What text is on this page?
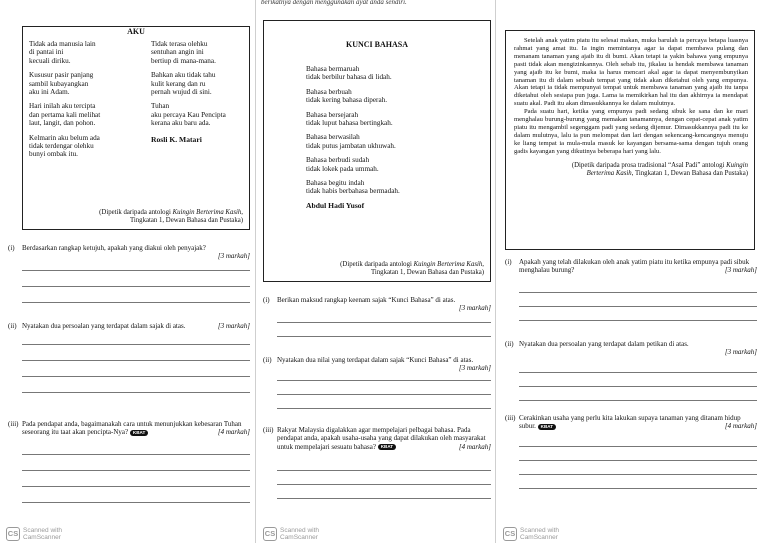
AKU
Tidak ada manusia lain
di pantai ini
kecuali diriku.
Kususur pasir panjang
sambil kubayangkan
aku ini Adam.
Hari inilah aku tercipta
dan pertama kali melihat
laut, langit, dan pohon.
Kelmarin aku belum ada
tidak terdengar olehku
bunyi ombak itu.
Tidak terasa olehku
sentuhan angin ini
bertiup di mana-mana.
Bahkan aku tidak tahu
kulit kerang dan ru
pernah wujud di sini.
Tuhan
aku percaya Kau Pencipta
kerana aku baru ada.
Rosli K. Matari
(Dipetik daripada antologi Kuingin Berterima Kasih,
Tingkatan 1, Dewan Bahasa dan Pustaka)
(i) Berdasarkan rangkap ketujuh, apakah yang diakui oleh penyajak?

[3 markah]
(ii) Nyatakan dua persoalan yang terdapat dalam sajak di atas.	[3 markah]
(iii) Pada pendapat anda, bagaimanakah cara untuk menunjukkan kebesaran Tuhan seseorang itu taat akan pencipta-Nya? KBAT	[4 markah]
CS Scanned with
CamScanner
berikatnya dengan menggunakan ayat anda sendiri.
KUNCI BAHASA
Bahasa bermaruah
tidak berbilur bahasa di lidah.
Bahasa berbuah
tidak kering bahasa diperah.
Bahasa bersejarah
tidak luput bahasa bertingkah.
Bahasa berwasilah
tidak putus jambatan ukhuwah.
Bahasa berbudi sudah
tidak lokek pada ummah.
Bahasa begitu indah
tidak habis berbahasa bermadah.
Abdul Hadi Yusof
(Dipetik daripada antologi Kuingin Berterima Kasih,
Tingkatan 1, Dewan Bahasa dan Pustaka)
(i) Berikan maksud rangkap keenam sajak “Kunci Bahasa” di atas.

[3 markah]
(ii) Nyatakan dua nilai yang terdapat dalam sajak “Kunci Bahasa” di atas.

[3 markah]
(iii) Rakyat Malaysia digalakkan agar mempelajari pelbagai bahasa. Pada pendapat anda, apakah usaha-usaha yang dapat dilakukan oleh masyarakat untuk mempelajari sesuatu bahasa? KBAT	[4 markah]
CS Scanned with
CamScanner

Setelah anak yatim piatu itu selesai makan, muka barulah ia percaya betapa luasnya rahmat yang amat itu. Ia ingin memintanya agar ia dapat membawa pulang dan menanam tanaman yang ajaib itu di bumi. Akan tetapi ia yakin bahawa yang empunya pasti tidak akan mengizinkannya. Oleh sebab itu, jikalau ia hendak membawa tanaman yang ajaib itu ke bumi, maka ia harus mencari akal agar ia dapat menyembunyikan tanaman itu di dalam sebuah tempat yang tidak akan diketahui oleh yang empunya. Akan tetapi ia tidak mempunyai tempat untuk membawa tanaman yang ajaib itu tanpa diketahui oleh sesiapa pun juga. Lama ia memikirkan hal itu dan akhirnya ia mendapat suatu akal. Padi itu akan dimasukkannya ke dalam mulutnya.

Pada suatu hari, ketika yang empunya padi sedang sibuk ke sana dan ke mari menghalau burung-burung yang memakan tanamannya, dengan cepat-cepat anak yatim piatu itu mengambil segenggam padi yang sedang dijemur. Dimasukkannya padi itu ke dalam mulutnya, lalu ia pun melompat dan lari dengan sekencang-kencangnya menuju ke liang tempat ia mula-mula masuk ke kayangan bersama-sama dengan tujuh orang gadis kayangan yang dikutinya beberapa hari yang lalu.

(Dipetik daripada prosa tradisional “Asal Padi” antologi Kuingin Berterima Kasih, Tingkatan 1, Dewan Bahasa dan Pustaka)
(i) Apakah yang telah dilakukan oleh anak yatim piatu itu ketika empunya padi sibuk menghalau burung?	[3 markah]
(ii) Nyatakan dua persoalan yang terdapat dalam petikan di atas.

[3 markah]
(iii) Cerakinkan usaha yang perlu kita lakukan supaya tanaman yang ditanam hidup subur. KBAT	[4 markah]
CS Scanned with
CamScanner
